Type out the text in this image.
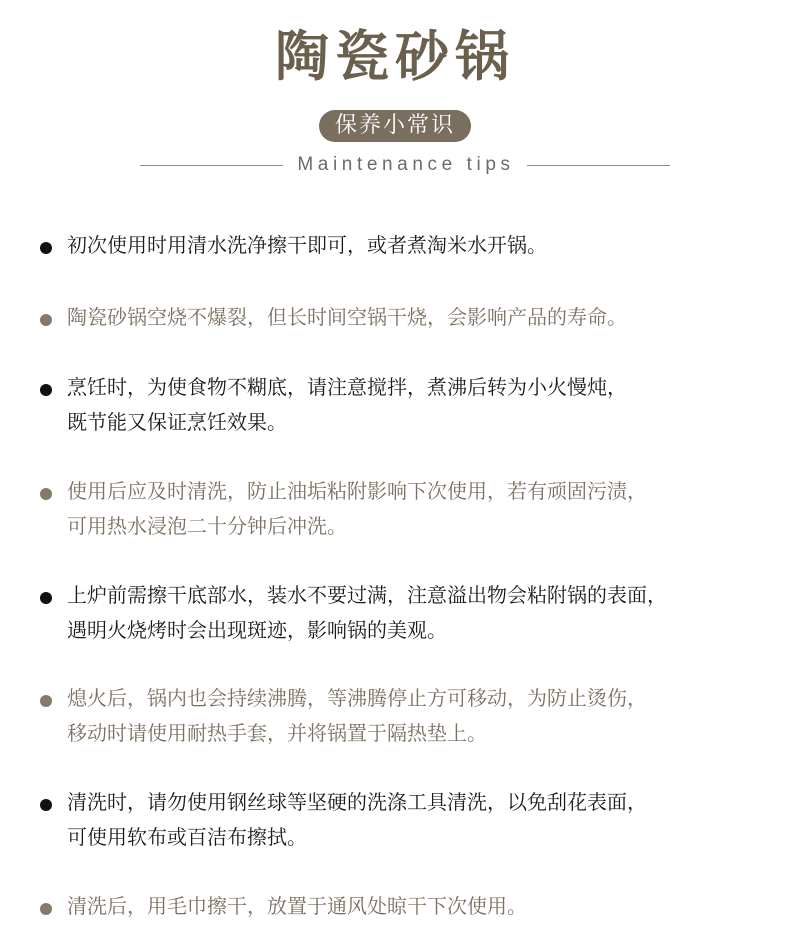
陶瓷砂锅
保养小常识
Maintenance tips
初次使用时用清水洗净擦干即可，或者煮淘米水开锅。
陶瓷砂锅空烧不爆裂，但长时间空锅干烧，会影响产品的寿命。
烹饪时，为使食物不糊底，请注意搅拌，煮沸后转为小火慢炖，
既节能又保证烹饪效果。
使用后应及时清洗，防止油垢粘附影响下次使用，若有顽固污渍，
可用热水浸泡二十分钟后冲洗。
上炉前需擦干底部水，装水不要过满，注意溢出物会粘附锅的表面，
遇明火烧烤时会出现斑迹，影响锅的美观。
熄火后，锅内也会持续沸腾，等沸腾停止方可移动，为防止烫伤，
移动时请使用耐热手套，并将锅置于隔热垫上。
清洗时，请勿使用钢丝球等坚硬的洗涤工具清洗，以免刮花表面，
可使用软布或百洁布擦拭。
清洗后，用毛巾擦干，放置于通风处晾干下次使用。
